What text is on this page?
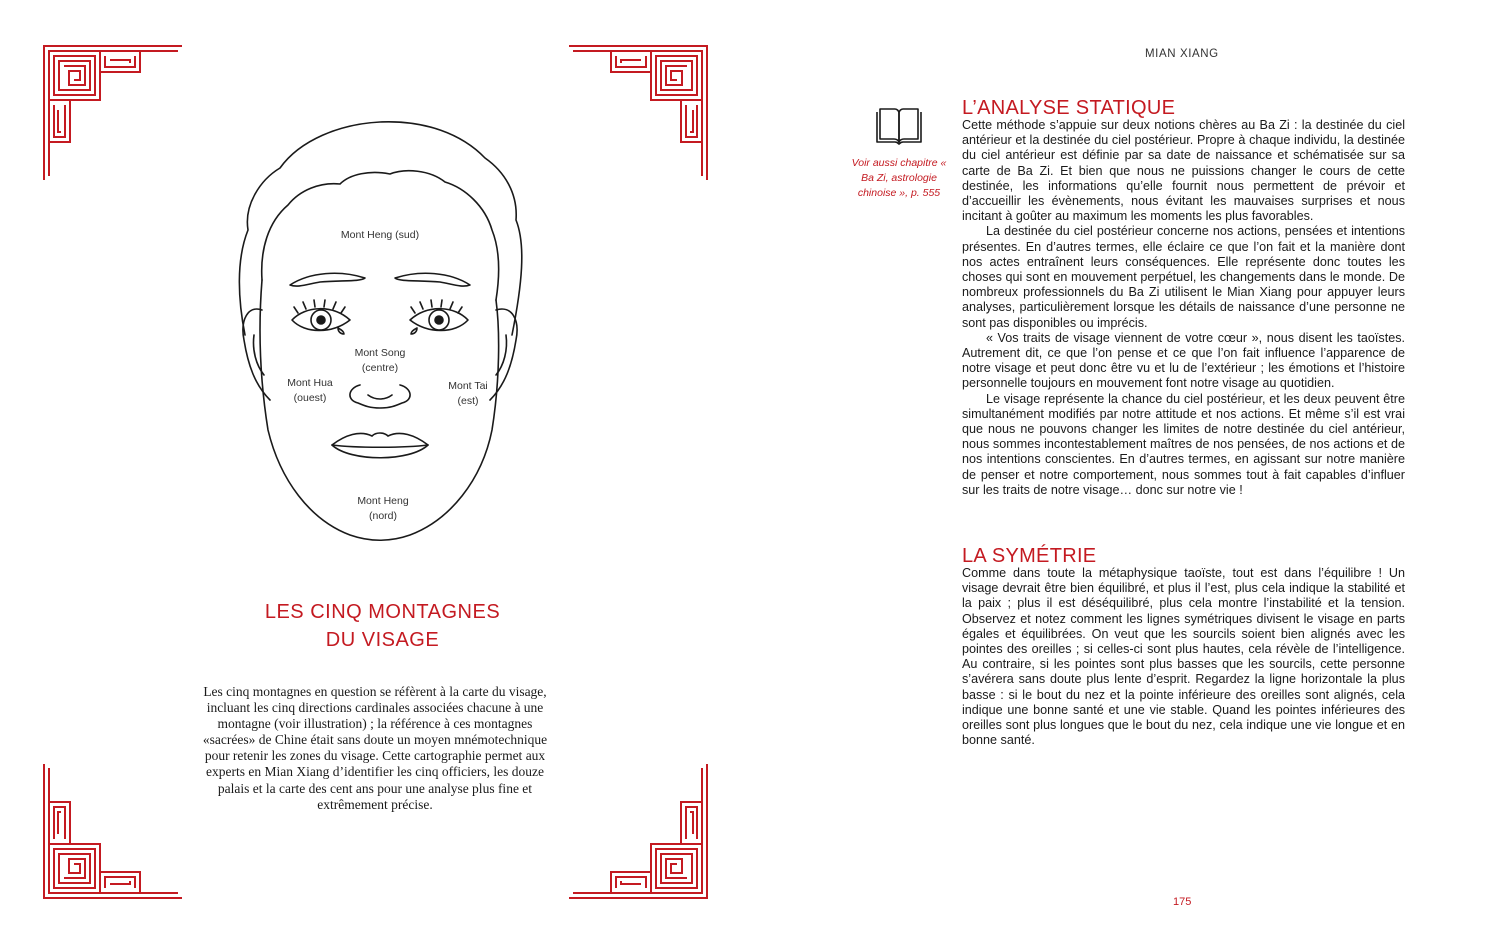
Mont Heng (sud)
Mont Song
(centre)
Mont Hua
(ouest)
Mont Tai
(est)
Mont Heng
(nord)
LES CINQ MONTAGNES
DU VISAGE
Les cinq montagnes en question se réfèrent à la carte du visage, incluant les cinq directions cardinales associées chacune à une montagne (voir illustration) ; la référence à ces montagnes «sacrées» de Chine était sans doute un moyen mnémotechnique pour retenir les zones du visage. Cette cartographie permet aux experts en Mian Xiang d’identifier les cinq officiers, les douze palais et la carte des cent ans pour une analyse plus fine et extrêmement précise.
MIAN XIANG
Voir aussi chapitre « Ba Zi, astrologie chinoise », p. 555
L’ANALYSE STATIQUE

Cette méthode s’appuie sur deux notions chères au Ba Zi : la destinée du ciel antérieur et la destinée du ciel postérieur. Propre à chaque individu, la destinée du ciel antérieur est définie par sa date de naissance et schématisée sur sa carte de Ba Zi. Et bien que nous ne puissions changer le cours de cette destinée, les informations qu’elle fournit nous permettent de prévoir et d’accueillir les évènements, nous évitant les mauvaises surprises et nous incitant à goûter au maximum les moments les plus favorables.

La destinée du ciel postérieur concerne nos actions, pensées et intentions présentes. En d’autres termes, elle éclaire ce que l’on fait et la manière dont nos actes entraînent leurs conséquences. Elle représente donc toutes les choses qui sont en mouvement perpétuel, les changements dans le monde. De nombreux professionnels du Ba Zi utilisent le Mian Xiang pour appuyer leurs analyses, particulièrement lorsque les détails de naissance d’une personne ne sont pas disponibles ou imprécis.

« Vos traits de visage viennent de votre cœur », nous disent les taoïstes. Autrement dit, ce que l’on pense et ce que l’on fait influence l’apparence de notre visage et peut donc être vu et lu de l’extérieur ; les émotions et l’histoire personnelle toujours en mouvement font notre visage au quotidien.

Le visage représente la chance du ciel postérieur, et les deux peuvent être simultanément modifiés par notre attitude et nos actions. Et même s’il est vrai que nous ne pouvons changer les limites de notre destinée du ciel antérieur, nous sommes incontestablement maîtres de nos pensées, de nos actions et de nos intentions conscientes. En d’autres termes, en agissant sur notre manière de penser et notre comportement, nous sommes tout à fait capables d’influer sur les traits de notre visage… donc sur notre vie !

LA SYMÉTRIE

Comme dans toute la métaphysique taoïste, tout est dans l’équilibre ! Un visage devrait être bien équilibré, et plus il l’est, plus cela indique la stabilité et la paix ; plus il est déséquilibré, plus cela montre l’instabilité et la tension. Observez et notez comment les lignes symétriques divisent le visage en parts égales et équilibrées. On veut que les sourcils soient bien alignés avec les pointes des oreilles ; si celles-ci sont plus hautes, cela révèle de l’intelligence. Au contraire, si les pointes sont plus basses que les sourcils, cette personne s’avérera sans doute plus lente d’esprit. Regardez la ligne horizontale la plus basse : si le bout du nez et la pointe inférieure des oreilles sont alignés, cela indique une bonne santé et une vie stable. Quand les pointes inférieures des oreilles sont plus longues que le bout du nez, cela indique une vie longue et en bonne santé.

175
